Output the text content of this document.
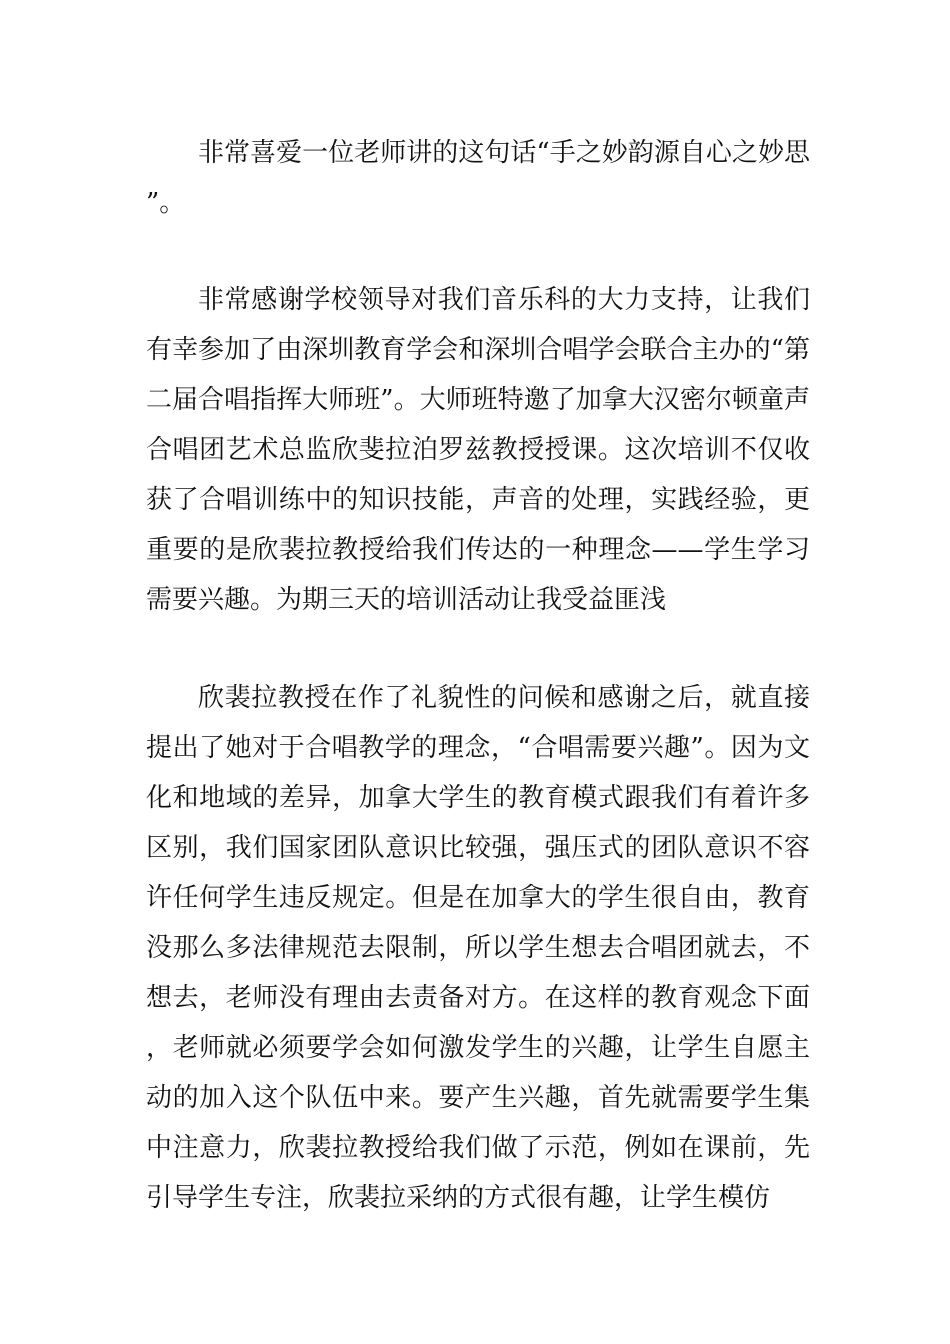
非常喜爱一位老师讲的这句话“手之妙韵源自心之妙思”。

非常感谢学校领导对我们音乐科的大力支持，让我们有幸参加了由深圳教育学会和深圳合唱学会联合主办的“第二届合唱指挥大师班”。大师班特邀了加拿大汉密尔顿童声合唱团艺术总监欣斐拉泊罗兹教授授课。这次培训不仅收获了合唱训练中的知识技能，声音的处理，实践经验，更重要的是欣裴拉教授给我们传达的一种理念——学生学习需要兴趣。为期三天的培训活动让我受益匪浅

欣裴拉教授在作了礼貌性的问候和感谢之后，就直接提出了她对于合唱教学的理念，“合唱需要兴趣”。因为文化和地域的差异，加拿大学生的教育模式跟我们有着许多区别，我们国家团队意识比较强，强压式的团队意识不容许任何学生违反规定。但是在加拿大的学生很自由，教育没那么多法律规范去限制，所以学生想去合唱团就去，不想去，老师没有理由去责备对方。在这样的教育观念下面，老师就必须要学会如何激发学生的兴趣，让学生自愿主动的加入这个队伍中来。要产生兴趣，首先就需要学生集中注意力，欣裴拉教授给我们做了示范，例如在课前，先引导学生专注，欣裴拉采纳的方式很有趣，让学生模仿
